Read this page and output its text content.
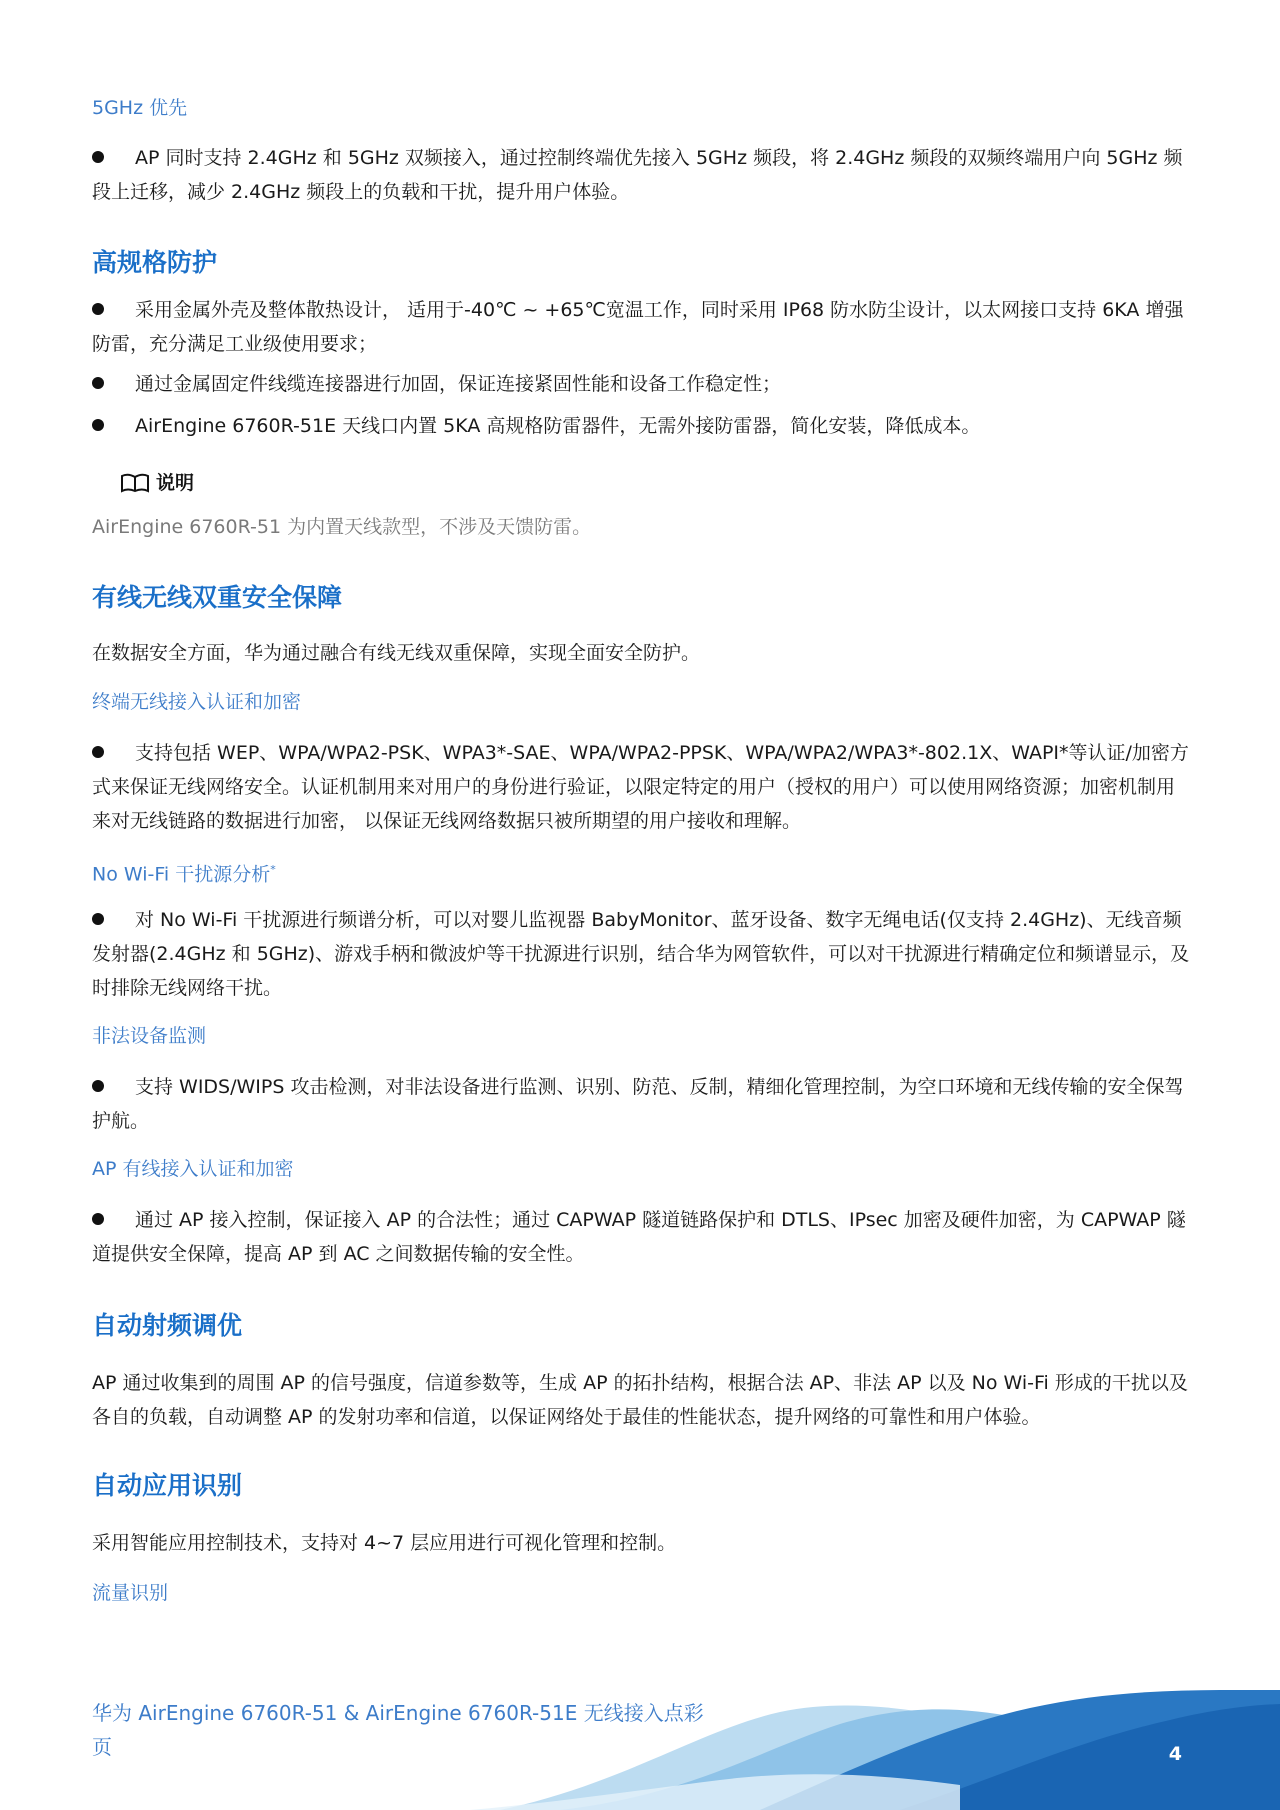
5GHz 优先
AP 同时支持 2.4GHz 和 5GHz 双频接入，通过控制终端优先接入 5GHz 频段，将 2.4GHz 频段的双频终端用户向 5GHz 频段上迁移，减少 2.4GHz 频段上的负载和干扰，提升用户体验。
高规格防护
采用金属外壳及整体散热设计， 适用于-40℃ ~ +65℃宽温工作，同时采用 IP68 防水防尘设计，以太网接口支持 6KA 增强防雷，充分满足工业级使用要求；
通过金属固定件线缆连接器进行加固，保证连接紧固性能和设备工作稳定性；
AirEngine 6760R-51E 天线口内置 5KA 高规格防雷器件，无需外接防雷器，简化安装，降低成本。
说明
AirEngine 6760R-51 为内置天线款型，不涉及天馈防雷。
有线无线双重安全保障
在数据安全方面，华为通过融合有线无线双重保障，实现全面安全防护。
终端无线接入认证和加密
支持包括 WEP、WPA/WPA2-PSK、WPA3*-SAE、WPA/WPA2-PPSK、WPA/WPA2/WPA3*-802.1X、WAPI*等认证/加密方式来保证无线网络安全。认证机制用来对用户的身份进行验证，以限定特定的用户（授权的用户）可以使用网络资源；加密机制用来对无线链路的数据进行加密， 以保证无线网络数据只被所期望的用户接收和理解。
No Wi-Fi 干扰源分析*
对 No Wi-Fi 干扰源进行频谱分析，可以对婴儿监视器 BabyMonitor、蓝牙设备、数字无绳电话(仅支持 2.4GHz)、无线音频发射器(2.4GHz 和 5GHz)、游戏手柄和微波炉等干扰源进行识别，结合华为网管软件，可以对干扰源进行精确定位和频谱显示，及时排除无线网络干扰。
非法设备监测
支持 WIDS/WIPS 攻击检测，对非法设备进行监测、识别、防范、反制，精细化管理控制，为空口环境和无线传输的安全保驾护航。
AP 有线接入认证和加密
通过 AP 接入控制，保证接入 AP 的合法性；通过 CAPWAP 隧道链路保护和 DTLS、IPsec 加密及硬件加密，为 CAPWAP 隧道提供安全保障，提高 AP 到 AC 之间数据传输的安全性。
自动射频调优
AP 通过收集到的周围 AP 的信号强度，信道参数等，生成 AP 的拓扑结构，根据合法 AP、非法 AP 以及 No Wi-Fi 形成的干扰以及各自的负载，自动调整 AP 的发射功率和信道，以保证网络处于最佳的性能状态，提升网络的可靠性和用户体验。
自动应用识别
采用智能应用控制技术，支持对 4~7 层应用进行可视化管理和控制。
流量识别
华为 AirEngine 6760R-51 & AirEngine 6760R-51E 无线接入点彩页	4
